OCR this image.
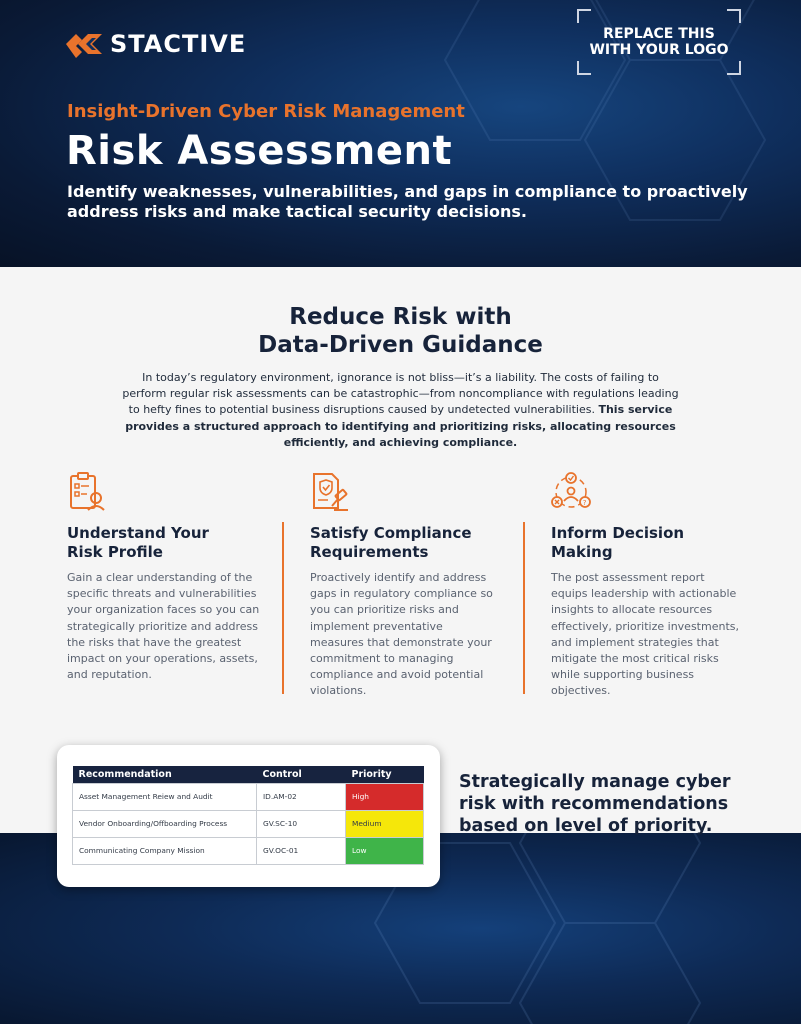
STACTIVE	REPLACE THIS
WITH YOUR LOGO
Insight-Driven Cyber Risk Management
Risk Assessment
Identify weaknesses, vulnerabilities, and gaps in compliance to proactively address risks and make tactical security decisions.
Reduce Risk with
Data-Driven Guidance
In today’s regulatory environment, ignorance is not bliss—it’s a liability. The costs of failing to perform regular risk assessments can be catastrophic—from noncompliance with regulations leading to hefty fines to potential business disruptions caused by undetected vulnerabilities. This service provides a structured approach to identifying and prioritizing risks, allocating resources efficiently, and achieving compliance.
Understand Your
Risk Profile
Gain a clear understanding of the specific threats and vulnerabilities your organization faces so you can strategically prioritize and address the risks that have the greatest impact on your operations, assets, and reputation.
Satisfy Compliance
Requirements
Proactively identify and address gaps in regulatory compliance so you can prioritize risks and implement preventative measures that demonstrate your commitment to managing compliance and avoid potential violations.
?
Inform Decision
Making
The post assessment report equips leadership with actionable insights to allocate resources effectively, prioritize investments, and implement strategies that mitigate the most critical risks while supporting business objectives.
Recommendation	Control	Priority
Asset Management Reiew and Audit	ID.AM-02	High
Vendor Onboarding/Offboarding Process	GV.SC-10	Medium
Communicating Company Mission	GV.OC-01	Low
Strategically manage cyber risk with recommendations based on level of priority.
